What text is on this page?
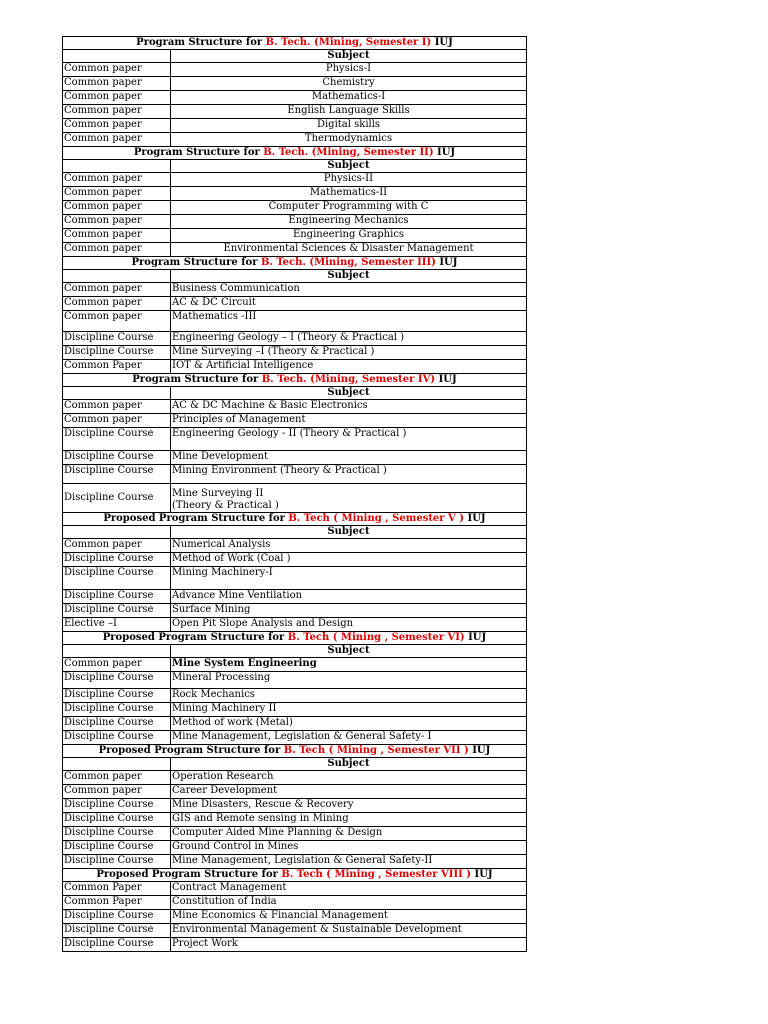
Program Structure for B. Tech. (Mining, Semester I) IUJ	
	Subject
Common paper	Physics-I

Common paper	Chemistry

Common paper	Mathematics-I

Common paper	English Language Skills

Common paper	Digital skills

Common paper	Thermodynamics

Program Structure for B. Tech. (Mining, Semester II) IUJ	
	Subject
Common paper	Physics-II

Common paper	Mathematics-II

Common paper	Computer Programming with C

Common paper	Engineering Mechanics

Common paper	Engineering Graphics

Common paper	Environmental Sciences & Disaster Management

Program Structure for B. Tech. (Mining, Semester III) IUJ	
	Subject
Common paper	Business Communication

Common paper	AC & DC Circuit

Common paper	Mathematics -III

Discipline Course	Engineering Geology – I (Theory & Practical )

Discipline Course	Mine Surveying –I (Theory & Practical )

Common Paper	IOT & Artificial Intelligence

Program Structure for B. Tech. (Mining, Semester IV) IUJ	
	Subject
Common paper	AC & DC Machine & Basic Electronics

Common paper	Principles of Management

Discipline Course	Engineering Geology - II (Theory & Practical )

Discipline Course	Mine Development

Discipline Course	Mining Environment (Theory & Practical )

Discipline Course	Mine Surveying II
(Theory & Practical )

Proposed Program Structure for B. Tech ( Mining , Semester V ) IUJ	
	Subject
Common paper	Numerical Analysis

Discipline Course	Method of Work (Coal )

Discipline Course	Mining Machinery-I

Discipline Course	Advance Mine Ventilation

Discipline Course	Surface Mining

Elective –I	Open Pit Slope Analysis and Design

Proposed Program Structure for B. Tech ( Mining , Semester VI) IUJ	
	Subject
Common paper	Mine System Engineering

Discipline Course	Mineral Processing

Discipline Course	Rock Mechanics

Discipline Course	Mining Machinery II

Discipline Course	Method of work (Metal)

Discipline Course	Mine Management, Legislation & General Safety- I

Proposed Program Structure for B. Tech ( Mining , Semester VII ) IUJ	
	Subject
Common paper	Operation Research

Common paper	Career Development

Discipline Course	Mine Disasters, Rescue & Recovery

Discipline Course	GIS and Remote sensing in Mining

Discipline Course	Computer Aided Mine Planning & Design

Discipline Course	Ground Control in Mines

Discipline Course	Mine Management, Legislation & General Safety-II

Proposed Program Structure for B. Tech ( Mining , Semester VIII ) IUJ	
Common Paper	Contract Management

Common Paper	Constitution of India

Discipline Course	Mine Economics & Financial Management

Discipline Course	Environmental Management & Sustainable Development

Discipline Course	Project Work
